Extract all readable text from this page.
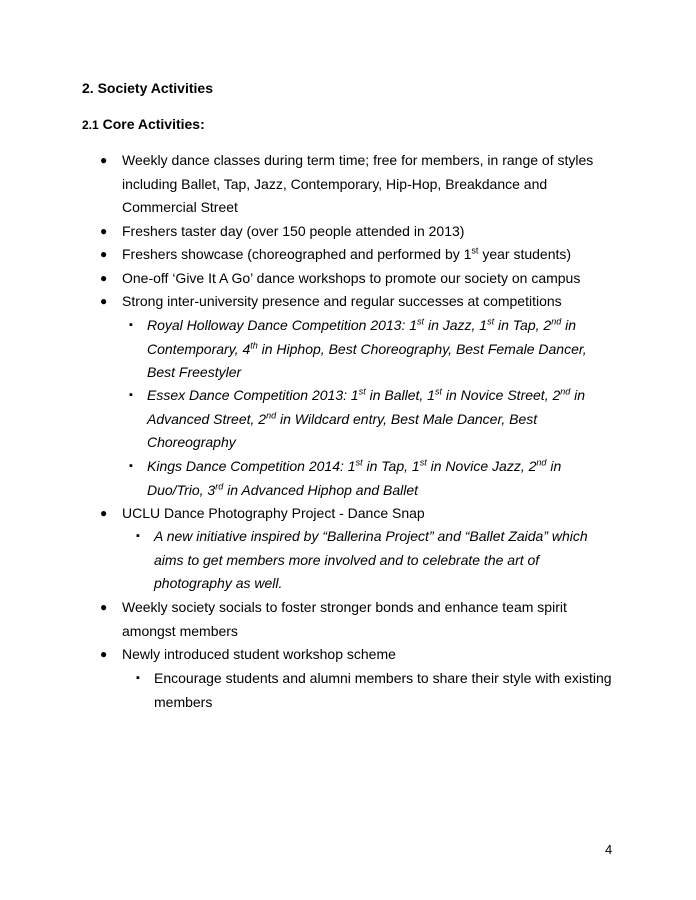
2. Society Activities
2.1 Core Activities:
● Weekly dance classes during term time; free for members, in range of styles including Ballet, Tap, Jazz, Contemporary, Hip-Hop, Breakdance and Commercial Street
● Freshers taster day (over 150 people attended in 2013)
● Freshers showcase (choreographed and performed by 1st year students)
● One-off ‘Give It A Go’ dance workshops to promote our society on campus
● Strong inter-university presence and regular successes at competitions
▪ Royal Holloway Dance Competition 2013: 1st in Jazz, 1st in Tap, 2nd in Contemporary, 4th in Hiphop, Best Choreography, Best Female Dancer, Best Freestyler
▪ Essex Dance Competition 2013: 1st in Ballet, 1st in Novice Street, 2nd in Advanced Street, 2nd in Wildcard entry, Best Male Dancer, Best Choreography
▪ Kings Dance Competition 2014: 1st in Tap, 1st in Novice Jazz, 2nd in Duo/Trio, 3rd in Advanced Hiphop and Ballet
● UCLU Dance Photography Project - Dance Snap
▪ A new initiative inspired by “Ballerina Project” and “Ballet Zaida” which aims to get members more involved and to celebrate the art of photography as well.
● Weekly society socials to foster stronger bonds and enhance team spirit amongst members
● Newly introduced student workshop scheme
▪ Encourage students and alumni members to share their style with existing members
4
